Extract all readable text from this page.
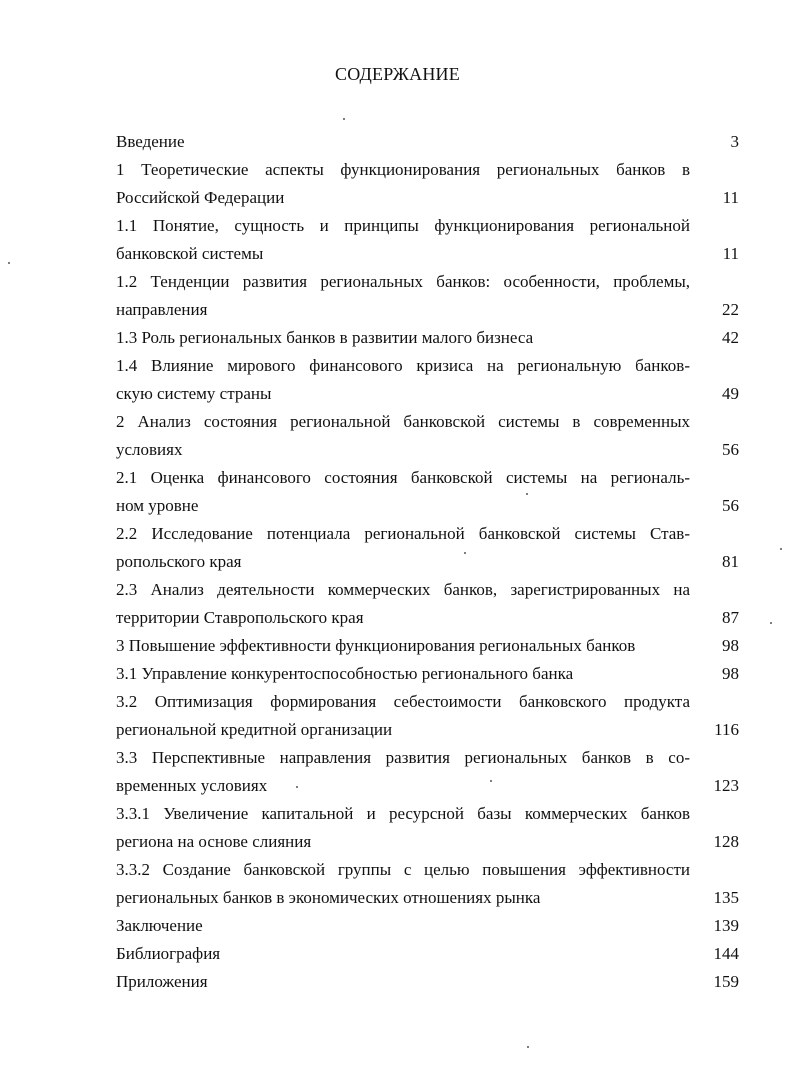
СОДЕРЖАНИЕ
Введение	3
1 Теоретические аспекты функционирования региональных банков в
Российской Федерации	11
1.1 Понятие, сущность и принципы функционирования региональной
банковской системы	11
1.2 Тенденции развития региональных банков: особенности, проблемы,
направления	22
1.3 Роль региональных банков в развитии малого бизнеса	42
1.4 Влияние мирового финансового кризиса на региональную банков-
скую систему страны	49
2 Анализ состояния региональной банковской системы в современных
условиях	56
2.1 Оценка финансового состояния банковской системы на региональ-
ном уровне	56
2.2 Исследование потенциала региональной банковской системы Став-
ропольского края	81
2.3 Анализ деятельности коммерческих банков, зарегистрированных на
территории Ставропольского края	87
3 Повышение эффективности функционирования региональных банков	98
3.1 Управление конкурентоспособностью регионального банка	98
3.2 Оптимизация формирования себестоимости банковского продукта
региональной кредитной организации	116
3.3 Перспективные направления развития региональных банков в со-
временных условиях	123
3.3.1 Увеличение капитальной и ресурсной базы коммерческих банков
региона на основе слияния	128
3.3.2 Создание банковской группы с целью повышения эффективности
региональных банков в экономических отношениях рынка	135
Заключение	139
Библиография	144
Приложения	159
